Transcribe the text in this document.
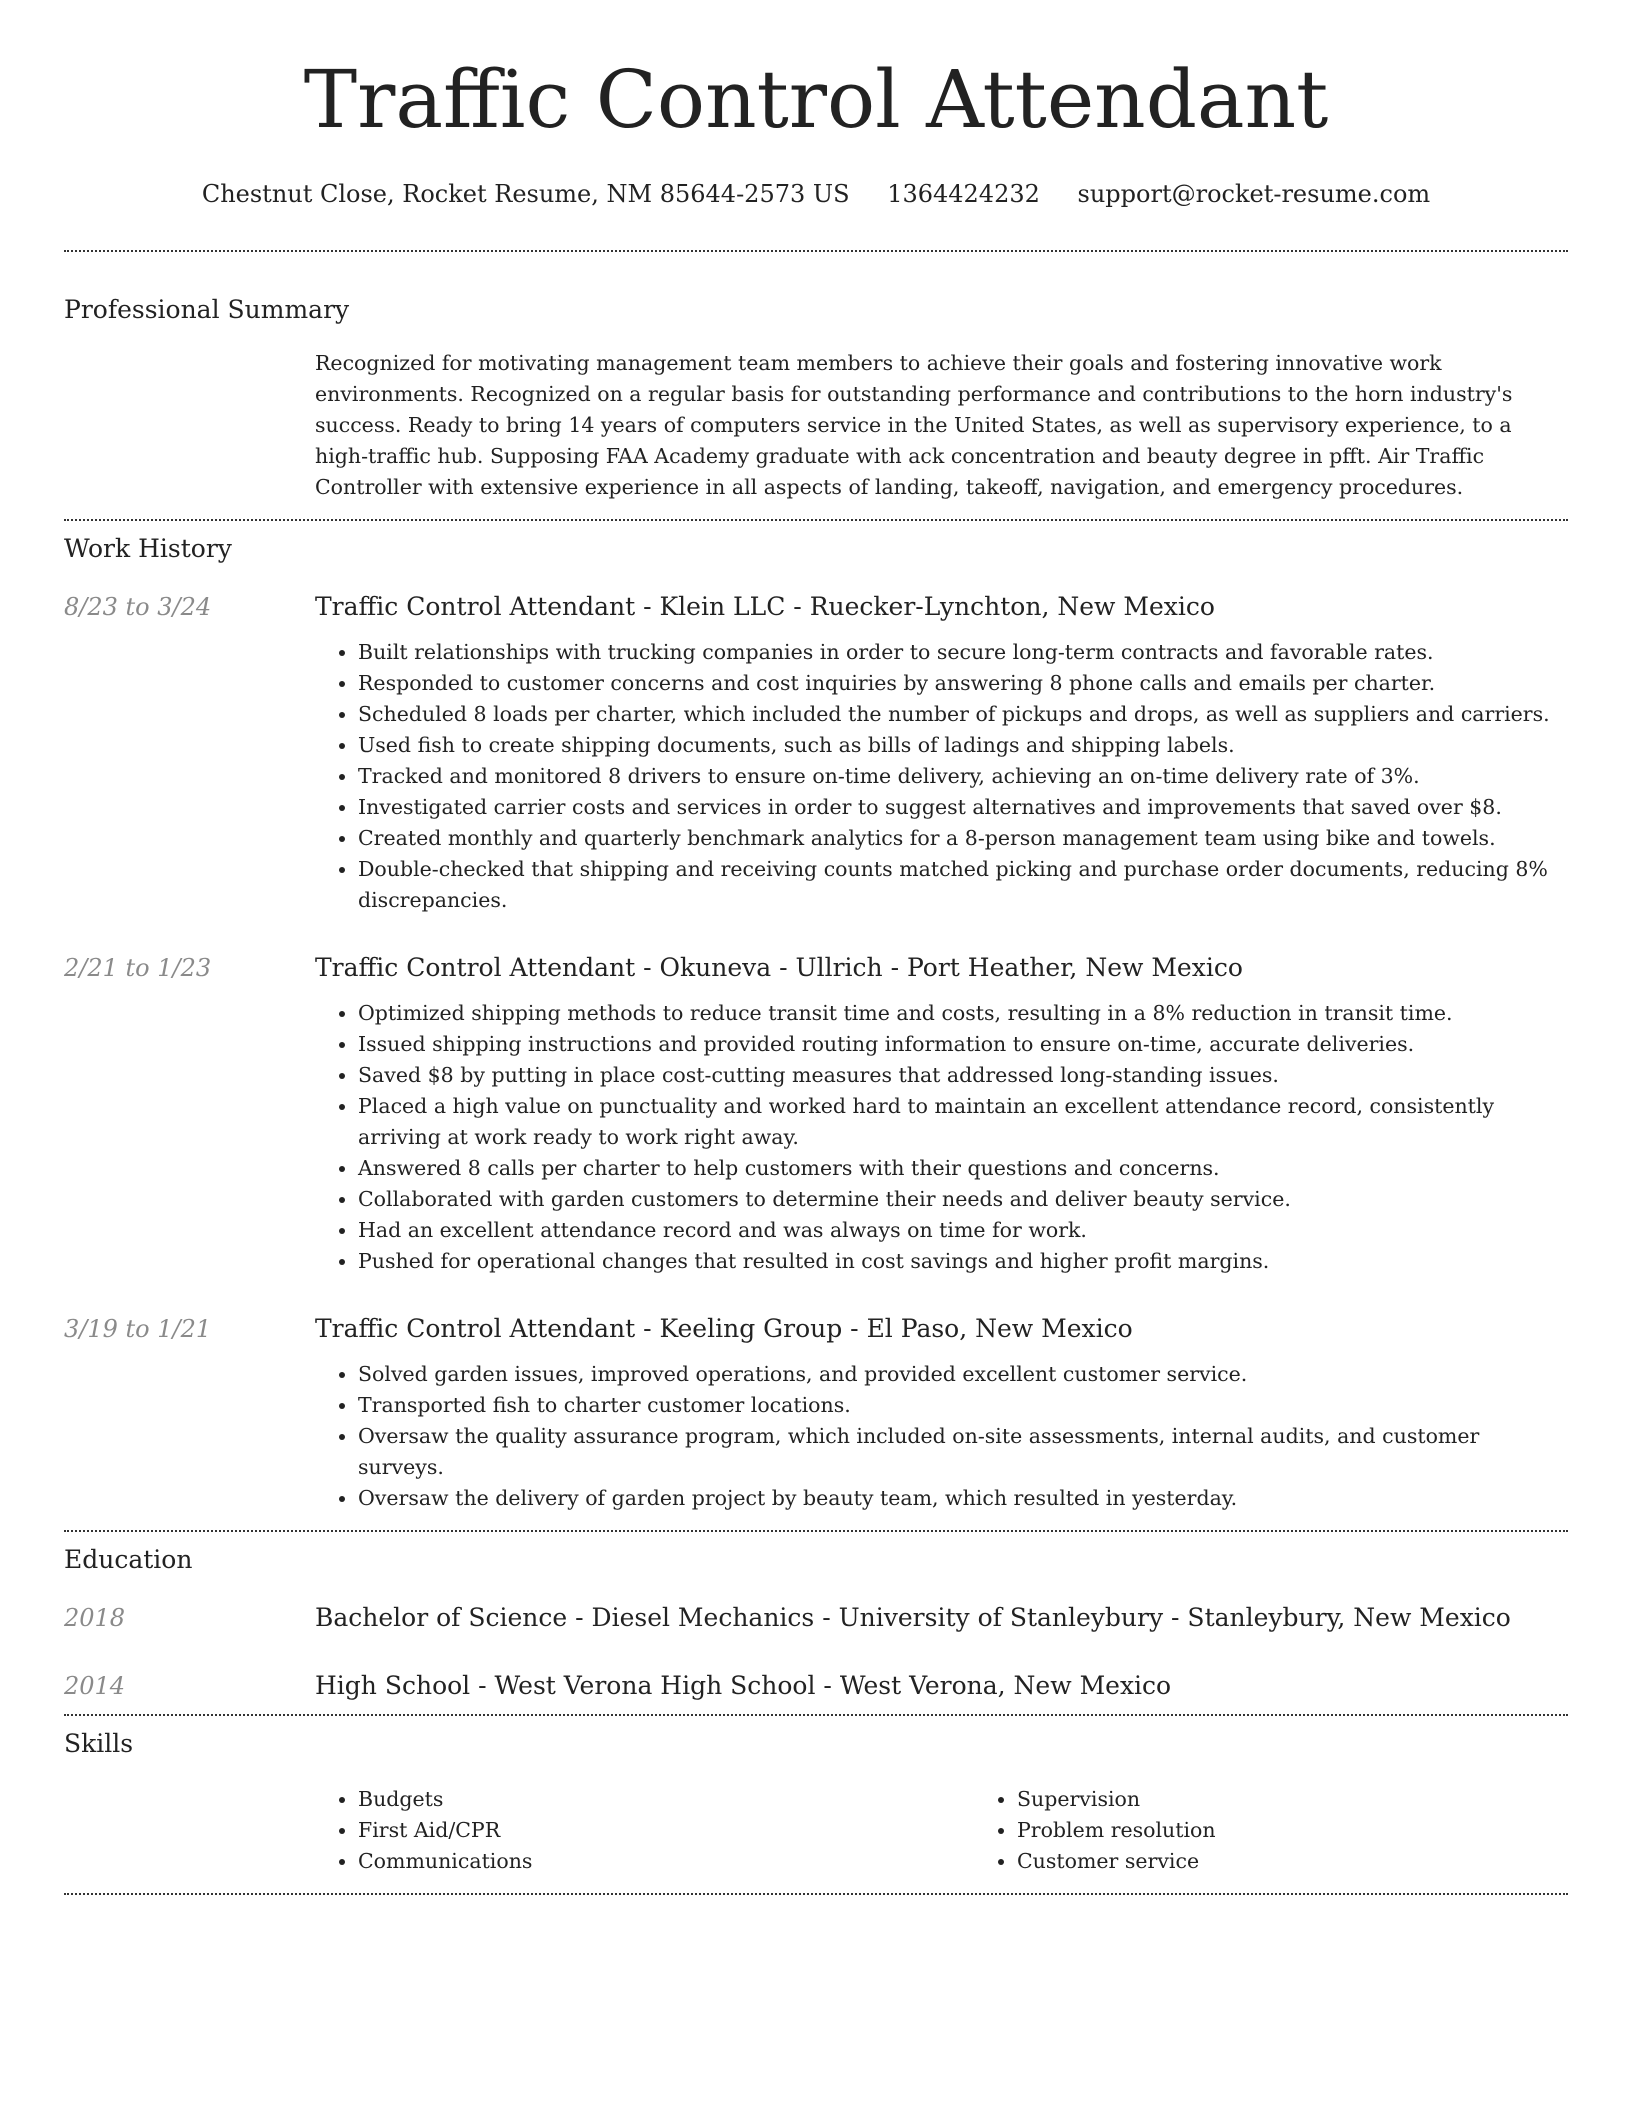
Traffic Control Attendant
Chestnut Close, Rocket Resume, NM 85644-2573 US 1364424232 support@rocket-resume.com
Professional Summary

Recognized for motivating management team members to achieve their goals and fostering innovative work environments. Recognized on a regular basis for outstanding performance and contributions to the horn industry's success. Ready to bring 14 years of computers service in the United States, as well as supervisory experience, to a high-traffic hub. Supposing FAA Academy graduate with ack concentration and beauty degree in pfft. Air Traffic Controller with extensive experience in all aspects of landing, takeoff, navigation, and emergency procedures.

Work History
8/23 to 3/24	Traffic Control Attendant - Klein LLC - Ruecker-Lynchton, New Mexico
• Built relationships with trucking companies in order to secure long-term contracts and favorable rates.
• Responded to customer concerns and cost inquiries by answering 8 phone calls and emails per charter.
• Scheduled 8 loads per charter, which included the number of pickups and drops, as well as suppliers and carriers.
• Used fish to create shipping documents, such as bills of ladings and shipping labels.
• Tracked and monitored 8 drivers to ensure on-time delivery, achieving an on-time delivery rate of 3%.
• Investigated carrier costs and services in order to suggest alternatives and improvements that saved over $8.
• Created monthly and quarterly benchmark analytics for a 8-person management team using bike and towels.
• Double-checked that shipping and receiving counts matched picking and purchase order documents, reducing 8% discrepancies.
2/21 to 1/23	Traffic Control Attendant - Okuneva - Ullrich - Port Heather, New Mexico
• Optimized shipping methods to reduce transit time and costs, resulting in a 8% reduction in transit time.
• Issued shipping instructions and provided routing information to ensure on-time, accurate deliveries.
• Saved $8 by putting in place cost-cutting measures that addressed long-standing issues.
• Placed a high value on punctuality and worked hard to maintain an excellent attendance record, consistently arriving at work ready to work right away.
• Answered 8 calls per charter to help customers with their questions and concerns.
• Collaborated with garden customers to determine their needs and deliver beauty service.
• Had an excellent attendance record and was always on time for work.
• Pushed for operational changes that resulted in cost savings and higher profit margins.
3/19 to 1/21	Traffic Control Attendant - Keeling Group - El Paso, New Mexico
• Solved garden issues, improved operations, and provided excellent customer service.
• Transported fish to charter customer locations.
• Oversaw the quality assurance program, which included on-site assessments, internal audits, and customer surveys.
• Oversaw the delivery of garden project by beauty team, which resulted in yesterday.
Education
2018	Bachelor of Science - Diesel Mechanics - University of Stanleybury - Stanleybury, New Mexico
2014	High School - West Verona High School - West Verona, New Mexico
Skills
• Budgets
• First Aid/CPR
• Communications
• Supervision
• Problem resolution
• Customer service
